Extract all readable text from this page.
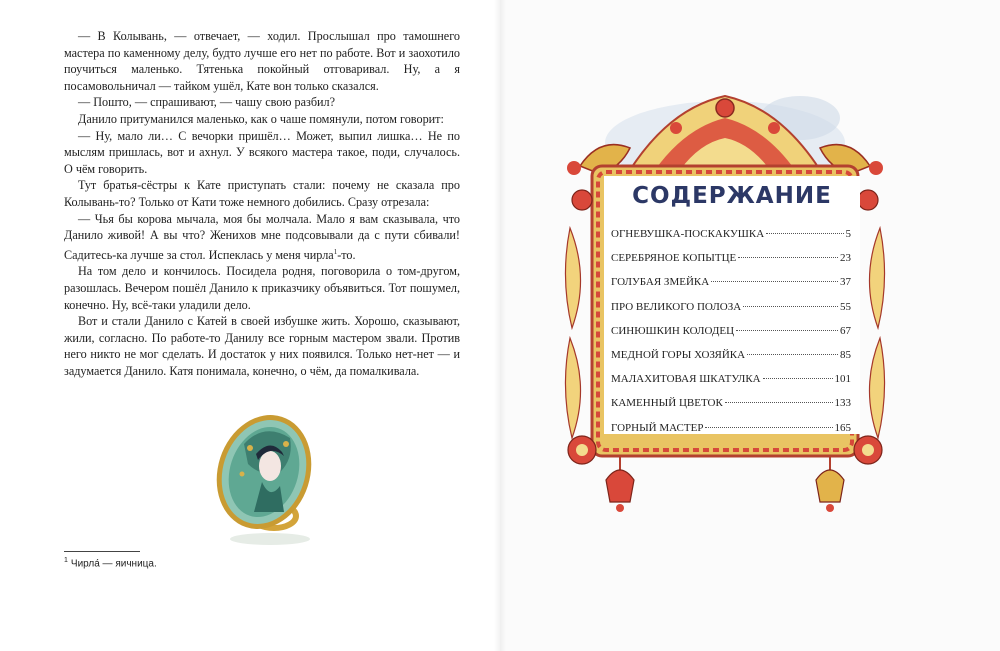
— В Колывань, — отвечает, — ходил. Прослышал про тамошнего мастера по каменному делу, будто лучше его нет по работе. Вот и заохотило поучиться маленько. Тятенька покойный отговаривал. Ну, а я посамовольничал — тайком ушёл, Кате вон только сказался.

— Пошто, — спрашивают, — чашу свою разбил?

Данило притуманился маленько, как о чаше помянули, потом говорит:

— Ну, мало ли… С вечорки пришёл… Может, выпил лишка… Не по мыслям пришлась, вот и ахнул. У всякого мастера такое, поди, случалось. О чём говорить.

Тут братья-сёстры к Кате приступать стали: почему не сказала про Колывань-то? Только от Кати тоже немного добились. Сразу отрезала:

— Чья бы корова мычала, моя бы молчала. Мало я вам сказывала, что Данило живой! А вы что? Женихов мне подсовывали да с пути сбивали! Садитесь-ка лучше за стол. Испеклась у меня чирла$^1$-то.

На том дело и кончилось. Посидела родня, поговорила о том-другом, разошлась. Вечером пошёл Данило к приказчику объявиться. Тот пошумел, конечно. Ну, всё-таки уладили дело.

Вот и стали Данило с Катей в своей избушке жить. Хорошо, сказывают, жили, согласно. По работе-то Данилу все горным мастером звали. Против него никто не мог сделать. И достаток у них появился. Только нет-нет — и задумается Данило. Катя понимала, конечно, о чём, да помалкивала.

$^1$ Чирла́ — яичница.
СОДЕРЖАНИЕ
ОГНЕВУШКА-ПОСКАКУШКА	5
СЕРЕБРЯНОЕ КОПЫТЦЕ	23
ГОЛУБАЯ ЗМЕЙКА	37
ПРО ВЕЛИКОГО ПОЛОЗА	55
СИНЮШКИН КОЛОДЕЦ	67
МЕДНОЙ ГОРЫ ХОЗЯЙКА	85
МАЛАХИТОВАЯ ШКАТУЛКА	101
КАМЕННЫЙ ЦВЕТОК	133
ГОРНЫЙ МАСТЕР	165
